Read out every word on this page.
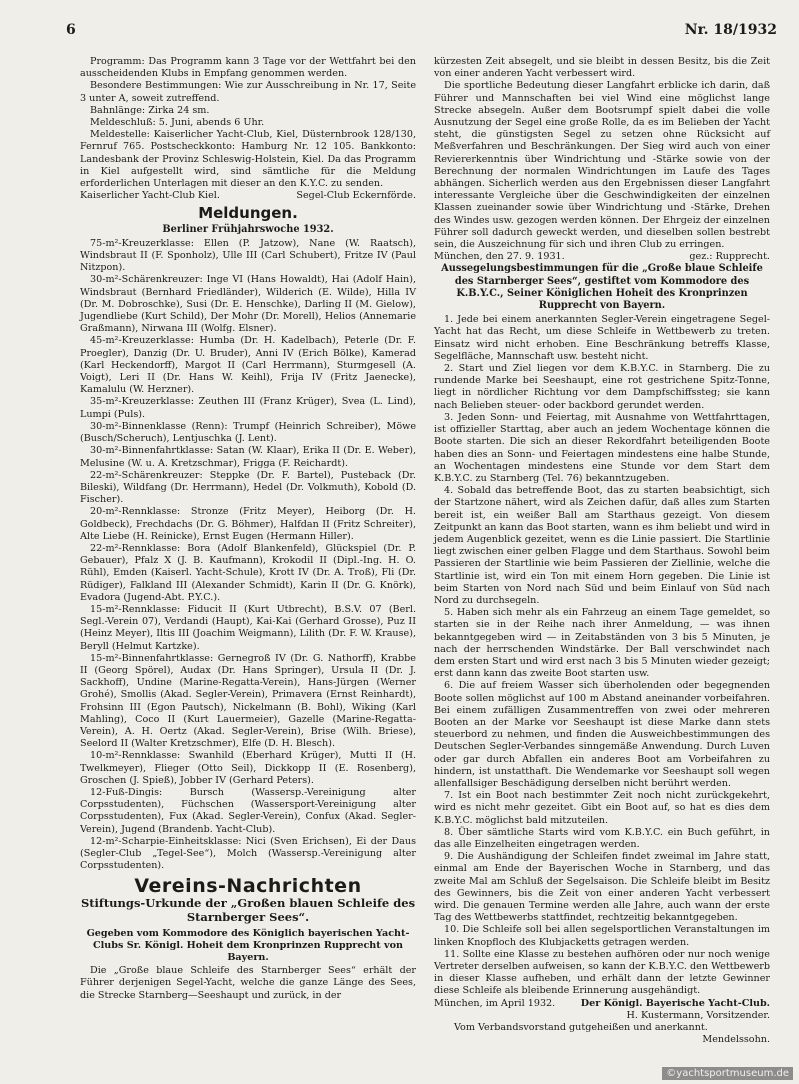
6	Nr. 18/1932

Programm: Das Programm kann 3 Tage vor der Wettfahrt bei den ausscheidenden Klubs in Empfang genommen werden.

Besondere Bestimmungen: Wie zur Ausschreibung in Nr. 17, Seite 3 unter A, soweit zutreffend.

Bahnlänge: Zirka 24 sm.

Meldeschluß: 5. Juni, abends 6 Uhr.

Meldestelle: Kaiserlicher Yacht-Club, Kiel, Düsternbrook 128/130, Fernruf 765. Postscheckkonto: Hamburg Nr. 12 105. Bankkonto: Landesbank der Provinz Schleswig-Holstein, Kiel. Da das Programm in Kiel aufgestellt wird, sind sämtliche für die Meldung erforderlichen Unterlagen mit dieser an den K.Y.C. zu senden.

Kaiserlicher Yacht-Club Kiel.	Segel-Club Eckernförde.
Meldungen.
Berliner Frühjahrswoche 1932.

75-m²-Kreuzerklasse: Ellen (P. Jatzow), Nane (W. Raatsch), Windsbraut II (F. Sponholz), Ulle III (Carl Schubert), Fritze IV (Paul Nitzpon).

30-m²-Schärenkreuzer: Inge VI (Hans Howaldt), Hai (Adolf Hain), Windsbraut (Bernhard Friedländer), Wilderich (E. Wilde), Hilla IV (Dr. M. Dobroschke), Susi (Dr. E. Henschke), Darling II (M. Gielow), Jugendliebe (Kurt Schild), Der Mohr (Dr. Morell), Helios (Annemarie Graßmann), Nirwana III (Wolfg. Elsner).

45-m²-Kreuzerklasse: Humba (Dr. H. Kadelbach), Peterle (Dr. F. Proegler), Danzig (Dr. U. Bruder), Anni IV (Erich Bölke), Kamerad (Karl Heckendorff), Margot II (Carl Herrmann), Sturmgesell (A. Voigt), Leri II (Dr. Hans W. Keihl), Frija IV (Fritz Jaenecke), Kamalulu (W. Herzner).

35-m²-Kreuzerklasse: Zeuthen III (Franz Krüger), Svea (L. Lind), Lumpi (Puls).

30-m²-Binnenklasse (Renn): Trumpf (Heinrich Schreiber), Möwe (Busch/Scheruch), Lentjuschka (J. Lent).

30-m²-Binnenfahrtklasse: Satan (W. Klaar), Erika II (Dr. E. Weber), Melusine (W. u. A. Kretzschmar), Frigga (F. Reichardt).

22-m²-Schärenkreuzer: Steppke (Dr. F. Bartel), Pusteback (Dr. Bileski), Wildfang (Dr. Herrmann), Hedel (Dr. Volkmuth), Kobold (D. Fischer).

20-m²-Rennklasse: Stronze (Fritz Meyer), Heiborg (Dr. H. Goldbeck), Frechdachs (Dr. G. Böhmer), Halfdan II (Fritz Schreiter), Alte Liebe (H. Reinicke), Ernst Eugen (Hermann Hiller).

22-m²-Rennklasse: Bora (Adolf Blankenfeld), Glückspiel (Dr. P. Gebauer), Pfalz X (J. B. Kaufmann), Krokodil II (Dipl.-Ing. H. O. Rühl), Emden (Kaiserl. Yacht-Schule), Krott IV (Dr. A. Troß), Fli (Dr. Rüdiger), Falkland III (Alexander Schmidt), Karin II (Dr. G. Knörk), Evadora (Jugend-Abt. P.Y.C.).

15-m²-Rennklasse: Fiducit II (Kurt Utbrecht), B.S.V. 07 (Berl. Segl.-Verein 07), Verdandi (Haupt), Kai-Kai (Gerhard Grosse), Puz II (Heinz Meyer), Iltis III (Joachim Weigmann), Lilith (Dr. F. W. Krause), Beryll (Helmut Kartzke).

15-m²-Binnenfahrtklasse: Gernegroß IV (Dr. G. Nathorff), Krabbe II (Georg Spörel), Audax (Dr. Hans Springer), Ursula II (Dr. J. Sackhoff), Undine (Marine-Regatta-Verein), Hans-Jürgen (Werner Grohé), Smollis (Akad. Segler-Verein), Primavera (Ernst Reinhardt), Frohsinn III (Egon Pautsch), Nickelmann (B. Bohl), Wiking (Karl Mahling), Coco II (Kurt Lauermeier), Gazelle (Marine-Regatta-Verein), A. H. Oertz (Akad. Segler-Verein), Brise (Wilh. Briese), Seelord II (Walter Kretzschmer), Elfe (D. H. Blesch).

10-m²-Rennklasse: Swanhild (Eberhard Krüger), Mutti II (H. Twelkmeyer), Flieger (Otto Seil), Dickkopp II (E. Rosenberg), Groschen (J. Spieß), Jobber IV (Gerhard Peters).

12-Fuß-Dingis: Bursch (Wassersp.-Vereinigung alter Corpsstudenten), Füchschen (Wassersport-Vereinigung alter Corpsstudenten), Fux (Akad. Segler-Verein), Confux (Akad. Segler-Verein), Jugend (Brandenb. Yacht-Club).

12-m²-Scharpie-Einheitsklasse: Nici (Sven Erichsen), Ei der Daus (Segler-Club „Tegel-See“), Molch (Wassersp.-Vereinigung alter Corpsstudenten).

Vereins-Nachrichten
Stiftungs-Urkunde der „Großen blauen Schleife des Starnberger Sees“.
Gegeben vom Kommodore des Königlich bayerischen Yacht-Clubs Sr. Königl. Hoheit dem Kronprinzen Rupprecht von Bayern.

Die „Große blaue Schleife des Starnberger Sees“ erhält der Führer derjenigen Segel-Yacht, welche die ganze Länge des Sees, die Strecke Starnberg—Seeshaupt und zurück, in der

kürzesten Zeit absegelt, und sie bleibt in dessen Besitz, bis die Zeit von einer anderen Yacht verbessert wird.

Die sportliche Bedeutung dieser Langfahrt erblicke ich darin, daß Führer und Mannschaften bei viel Wind eine möglichst lange Strecke absegeln. Außer dem Bootsrumpf spielt dabei die volle Ausnutzung der Segel eine große Rolle, da es im Belieben der Yacht steht, die günstigsten Segel zu setzen ohne Rücksicht auf Meßverfahren und Beschränkungen. Der Sieg wird auch von einer Reviererkenntnis über Windrichtung und -Stärke sowie von der Berechnung der normalen Windrichtungen im Laufe des Tages abhängen. Sicherlich werden aus den Ergebnissen dieser Langfahrt interessante Vergleiche über die Geschwindigkeiten der einzelnen Klassen zueinander sowie über Windrichtung und -Stärke, Drehen des Windes usw. gezogen werden können. Der Ehrgeiz der einzelnen Führer soll dadurch geweckt werden, und dieselben sollen bestrebt sein, die Auszeichnung für sich und ihren Club zu erringen.

München, den 27. 9. 1931.	gez.: Rupprecht.
Aussegelungsbestimmungen für die „Große blaue Schleife des Starnberger Sees“, gestiftet vom Kommodore des K.B.Y.C., Seiner Königlichen Hoheit des Kronprinzen Rupprecht von Bayern.

1. Jede bei einem anerkannten Segler-Verein eingetragene Segel-Yacht hat das Recht, um diese Schleife in Wettbewerb zu treten. Einsatz wird nicht erhoben. Eine Beschränkung betreffs Klasse, Segelfläche, Mannschaft usw. besteht nicht.

2. Start und Ziel liegen vor dem K.B.Y.C. in Starnberg. Die zu rundende Marke bei Seeshaupt, eine rot gestrichene Spitz-Tonne, liegt in nördlicher Richtung vor dem Dampfschiffssteg; sie kann nach Belieben steuer- oder backbord gerundet werden.

3. Jeden Sonn- und Feiertag, mit Ausnahme von Wettfahrttagen, ist offizieller Starttag, aber auch an jedem Wochentage können die Boote starten. Die sich an dieser Rekordfahrt beteiligenden Boote haben dies an Sonn- und Feiertagen mindestens eine halbe Stunde, an Wochentagen mindestens eine Stunde vor dem Start dem K.B.Y.C. zu Starnberg (Tel. 76) bekanntzugeben.

4. Sobald das betreffende Boot, das zu starten beabsichtigt, sich der Startzone nähert, wird als Zeichen dafür, daß alles zum Starten bereit ist, ein weißer Ball am Starthaus gezeigt. Von diesem Zeitpunkt an kann das Boot starten, wann es ihm beliebt und wird in jedem Augenblick gezeitet, wenn es die Linie passiert. Die Startlinie liegt zwischen einer gelben Flagge und dem Starthaus. Sowohl beim Passieren der Startlinie wie beim Passieren der Ziellinie, welche die Startlinie ist, wird ein Ton mit einem Horn gegeben. Die Linie ist beim Starten von Nord nach Süd und beim Einlauf von Süd nach Nord zu durchsegeln.

5. Haben sich mehr als ein Fahrzeug an einem Tage gemeldet, so starten sie in der Reihe nach ihrer Anmeldung, — was ihnen bekanntgegeben wird — in Zeitabständen von 3 bis 5 Minuten, je nach der herrschenden Windstärke. Der Ball verschwindet nach dem ersten Start und wird erst nach 3 bis 5 Minuten wieder gezeigt; erst dann kann das zweite Boot starten usw.

6. Die auf freiem Wasser sich überholenden oder begegnenden Boote sollen möglichst auf 100 m Abstand aneinander vorbeifahren. Bei einem zufälligen Zusammentreffen von zwei oder mehreren Booten an der Marke vor Seeshaupt ist diese Marke dann stets steuerbord zu nehmen, und finden die Ausweichbestimmungen des Deutschen Segler-Verbandes sinngemäße Anwendung. Durch Luven oder gar durch Abfallen ein anderes Boot am Vorbeifahren zu hindern, ist unstatthaft. Die Wendemarke vor Seeshaupt soll wegen allenfallsiger Beschädigung derselben nicht berührt werden.

7. Ist ein Boot nach bestimmter Zeit noch nicht zurückgekehrt, wird es nicht mehr gezeitet. Gibt ein Boot auf, so hat es dies dem K.B.Y.C. möglichst bald mitzuteilen.

8. Über sämtliche Starts wird vom K.B.Y.C. ein Buch geführt, in das alle Einzelheiten eingetragen werden.

9. Die Aushändigung der Schleifen findet zweimal im Jahre statt, einmal am Ende der Bayerischen Woche in Starnberg, und das zweite Mal am Schluß der Segelsaison. Die Schleife bleibt im Besitz des Gewinners, bis die Zeit von einer anderen Yacht verbessert wird. Die genauen Termine werden alle Jahre, auch wann der erste Tag des Wettbewerbs stattfindet, rechtzeitig bekanntgegeben.

10. Die Schleife soll bei allen segelsportlichen Veranstaltungen im linken Knopfloch des Klubjacketts getragen werden.

11. Sollte eine Klasse zu bestehen aufhören oder nur noch wenige Vertreter derselben aufweisen, so kann der K.B.Y.C. den Wettbewerb in dieser Klasse aufheben, und erhält dann der letzte Gewinner diese Schleife als bleibende Erinnerung ausgehändigt.

München, im April 1932.	Der Königl. Bayerische Yacht-Club.
H. Kustermann, Vorsitzender.
Vom Verbandsvorstand gutgeheißen und anerkannt.
Mendelssohn.
©yachtsportmuseum.de
